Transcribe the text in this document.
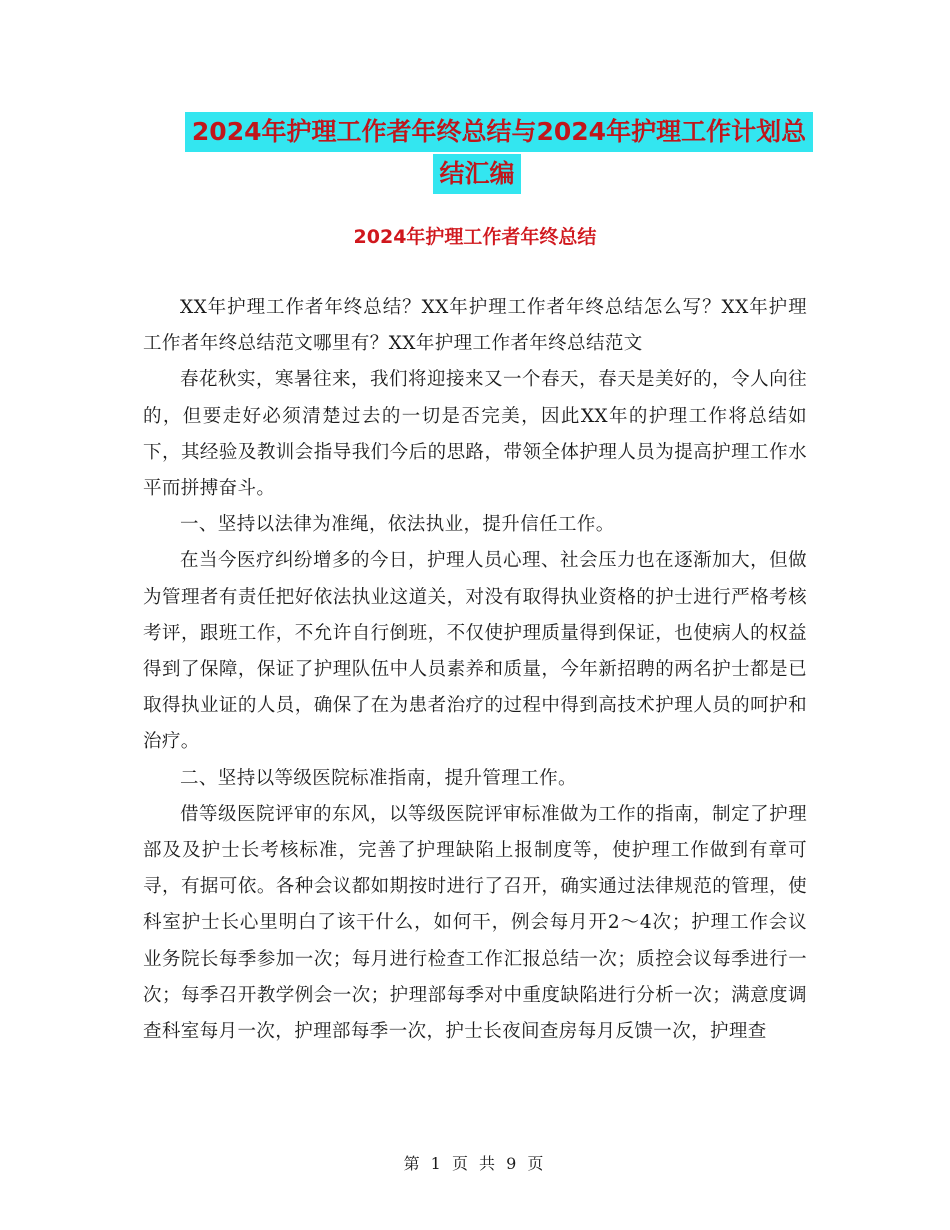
2024年护理工作者年终总结与2024年护理工作计划总
结汇编
2024年护理工作者年终总结

XX年护理工作者年终总结？XX年护理工作者年终总结怎么写？XX年护理工作者年终总结范文哪里有？XX年护理工作者年终总结范文

春花秋实，寒暑往来，我们将迎接来又一个春天，春天是美好的，令人向往的，但要走好必须清楚过去的一切是否完美，因此XX年的护理工作将总结如下，其经验及教训会指导我们今后的思路，带领全体护理人员为提高护理工作水平而拼搏奋斗。

一、坚持以法律为准绳，依法执业，提升信任工作。

在当今医疗纠纷增多的今日，护理人员心理、社会压力也在逐渐加大，但做为管理者有责任把好依法执业这道关，对没有取得执业资格的护士进行严格考核考评，跟班工作，不允许自行倒班，不仅使护理质量得到保证，也使病人的权益得到了保障，保证了护理队伍中人员素养和质量，今年新招聘的两名护士都是已取得执业证的人员，确保了在为患者治疗的过程中得到高技术护理人员的呵护和治疗。

二、坚持以等级医院标准指南，提升管理工作。

借等级医院评审的东风，以等级医院评审标准做为工作的指南，制定了护理部及及护士长考核标准，完善了护理缺陷上报制度等，使护理工作做到有章可寻，有据可依。各种会议都如期按时进行了召开，确实通过法律规范的管理，使科室护士长心里明白了该干什么，如何干，例会每月开2～4次；护理工作会议业务院长每季参加一次；每月进行检查工作汇报总结一次；质控会议每季进行一次；每季召开教学例会一次；护理部每季对中重度缺陷进行分析一次；满意度调查科室每月一次，护理部每季一次，护士长夜间查房每月反馈一次，护理查

第 1 页 共 9 页
